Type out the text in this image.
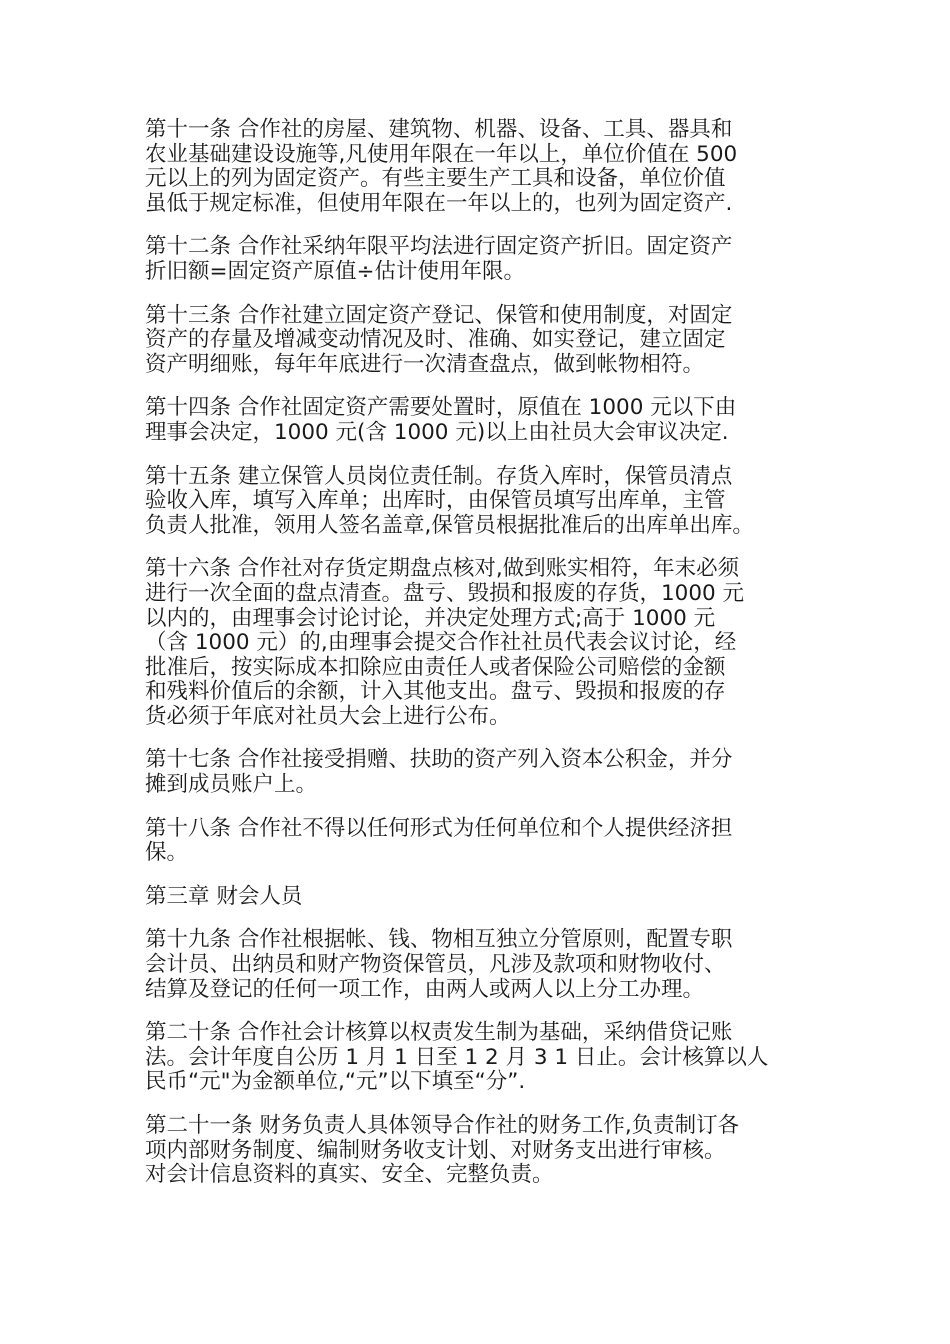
第十一条 合作社的房屋、建筑物、机器、设备、工具、器具和
农业基础建设设施等,凡使用年限在一年以上，单位价值在 500
元以上的列为固定资产。有些主要生产工具和设备，单位价值
虽低于规定标准，但使用年限在一年以上的，也列为固定资产.

第十二条 合作社采纳年限平均法进行固定资产折旧。固定资产
折旧额=固定资产原值÷估计使用年限。

第十三条 合作社建立固定资产登记、保管和使用制度，对固定
资产的存量及增减变动情况及时、准确、如实登记，建立固定
资产明细账，每年年底进行一次清查盘点，做到帐物相符。

第十四条 合作社固定资产需要处置时，原值在 1000 元以下由
理事会决定，1000 元(含 1000 元)以上由社员大会审议决定.

第十五条 建立保管人员岗位责任制。存货入库时，保管员清点
验收入库，填写入库单；出库时，由保管员填写出库单，主管
负责人批准，领用人签名盖章,保管员根据批准后的出库单出库。

第十六条 合作社对存货定期盘点核对,做到账实相符，年末必须
进行一次全面的盘点清查。盘亏、毁损和报废的存货，1000 元
以内的，由理事会讨论讨论，并决定处理方式;高于 1000 元
（含 1000 元）的,由理事会提交合作社社员代表会议讨论，经
批准后，按实际成本扣除应由责任人或者保险公司赔偿的金额
和残料价值后的余额，计入其他支出。盘亏、毁损和报废的存
货必须于年底对社员大会上进行公布。

第十七条 合作社接受捐赠、扶助的资产列入资本公积金，并分
摊到成员账户上。

第十八条 合作社不得以任何形式为任何单位和个人提供经济担
保。

第三章 财会人员

第十九条 合作社根据帐、钱、物相互独立分管原则，配置专职
会计员、出纳员和财产物资保管员，凡涉及款项和财物收付、
结算及登记的任何一项工作，由两人或两人以上分工办理。

第二十条 合作社会计核算以权责发生制为基础，采纳借贷记账
法。会计年度自公历 1 月 1 日至 1 2 月 3 1 日止。会计核算以人
民币“元"为金额单位,“元”以下填至“分”.

第二十一条 财务负责人具体领导合作社的财务工作,负责制订各
项内部财务制度、编制财务收支计划、对财务支出进行审核。
对会计信息资料的真实、安全、完整负责。
